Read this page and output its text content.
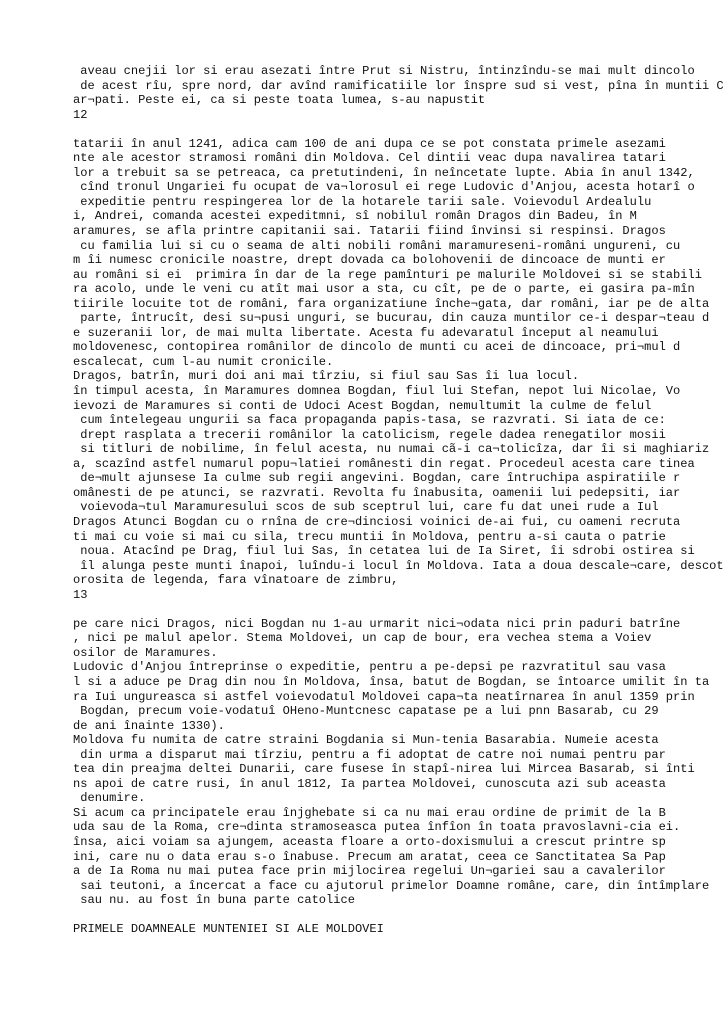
aveau cnejii lor si erau asezati între Prut si Nistru, întinzîndu-se mai mult dincolo
de acest rîu, spre nord, dar avînd ramificatiile lor înspre sud si vest, pîna în muntii C
ar¬pati. Peste ei, ca si peste toata lumea, s-au napustit
12
tatarii în anul 1241, adica cam 100 de ani dupa ce se pot constata primele asezami
nte ale acestor stramosi români din Moldova. Cel dintii veac dupa navalirea tatari
lor a trebuit sa se petreaca, ca pretutindeni, în neîncetate lupte. Abia în anul 1342,
cînd tronul Ungariei fu ocupat de va¬lorosul ei rege Ludovic d'Anjou, acesta hotarî o
expeditie pentru respingerea lor de la hotarele tarii sale. Voievodul Ardealulu
i, Andrei, comanda acestei expeditmni, sî nobilul român Dragos din Badeu, în M
aramures, se afla printre capitanii sai. Tatarii fiind învinsi si respinsi. Dragos
cu familia lui si cu o seama de alti nobili români maramureseni-români ungureni, cu
m îi numesc cronicile noastre, drept dovada ca bolohovenii de dincoace de munti er
au români si ei  primira în dar de la rege pamînturi pe malurile Moldovei si se stabili
ra acolo, unde le veni cu atît mai usor a sta, cu cît, pe de o parte, ei gasira pa-mîn
tiirile locuite tot de români, fara organizatiune înche¬gata, dar români, iar pe de alta
parte, întrucît, desi su¬pusi unguri, se bucurau, din cauza muntilor ce-i despar¬teau d
e suzeranii lor, de mai multa libertate. Acesta fu adevaratul început al neamului
moldovenesc, contopirea românilor de dincolo de munti cu acei de dincoace, pri¬mul d
escalecat, cum l-au numit cronicile.
Dragos, batrîn, muri doi ani mai tîrziu, si fiul sau Sas îi lua locul.
în timpul acesta, în Maramures domnea Bogdan, fiul lui Stefan, nepot lui Nicolae, Vo
ievozi de Maramures si conti de Udoci Acest Bogdan, nemultumit la culme de felul
cum întelegeau ungurii sa faca propaganda papis-tasa, se razvrati. Si iata de ce:
drept rasplata a trecerii românilor la catolicism, regele dadea renegatilor mosii
si titluri de nobilime, în felul acesta, nu numai cã-i ca¬tolicîza, dar îi si maghiariz
a, scazînd astfel numarul popu¬latiei românesti din regat. Procedeul acesta care tinea
de¬mult ajunsese Ia culme sub regii angevini. Bogdan, care întruchipa aspiratiile r
omânesti de pe atunci, se razvrati. Revolta fu înabusita, oamenii lui pedepsiti, iar
voievoda¬tul Maramuresului scos de sub sceptrul lui, care fu dat unei rude a Iul
Dragos Atunci Bogdan cu o rnîna de cre¬dinciosi voinici de-ai fui, cu oameni recruta
ti mai cu voie si mai cu sila, trecu muntii în Moldova, pentru a-si cauta o patrie
noua. Atacînd pe Drag, fiul lui Sas, în cetatea lui de Ia Siret, îi sdrobi ostirea si
îl alunga peste munti înapoi, luîndu-i locul în Moldova. Iata a doua descale¬care, descot
orosita de legenda, fara vînatoare de zimbru,
13
pe care nici Dragos, nici Bogdan nu 1-au urmarit nici¬odata nici prin paduri batrîne
, nici pe malul apelor. Stema Moldovei, un cap de bour, era vechea stema a Voiev
osilor de Maramures.
Ludovic d'Anjou întreprinse o expeditie, pentru a pe-depsi pe razvratitul sau vasa
l si a aduce pe Drag din nou în Moldova, însa, batut de Bogdan, se întoarce umilit în ta
ra Iui ungureasca si astfel voievodatul Moldovei capa¬ta neatîrnarea în anul 1359 prin
Bogdan, precum voie-vodatuî OHeno-Muntcnesc capatase pe a lui pnn Basarab, cu 29
de ani înainte 1330).
Moldova fu numita de catre straini Bogdania si Mun-tenia Basarabia. Numeie acesta
din urma a disparut mai tîrziu, pentru a fi adoptat de catre noi numai pentru par
tea din preajma deltei Dunarii, care fusese în stapî-nirea lui Mircea Basarab, si înti
ns apoi de catre rusi, în anul 1812, Ia partea Moldovei, cunoscuta azi sub aceasta
denumire.
Si acum ca principatele erau înjghebate si ca nu mai erau ordine de primit de la B
uda sau de la Roma, cre¬dinta stramoseasca putea înfîon în toata pravoslavni-cia ei.
însa, aici voiam sa ajungem, aceasta floare a orto-doxismului a crescut printre sp
ini, care nu o data erau s-o înabuse. Precum am aratat, ceea ce Sanctitatea Sa Pap
a de Ia Roma nu mai putea face prin mijlocirea regelui Un¬gariei sau a cavalerilor
sai teutoni, a încercat a face cu ajutorul primelor Doamne române, care, din întîmplare
sau nu. au fost în buna parte catolice
PRIMELE DOAMNEALE MUNTENIEI SI ALE MOLDOVEI
